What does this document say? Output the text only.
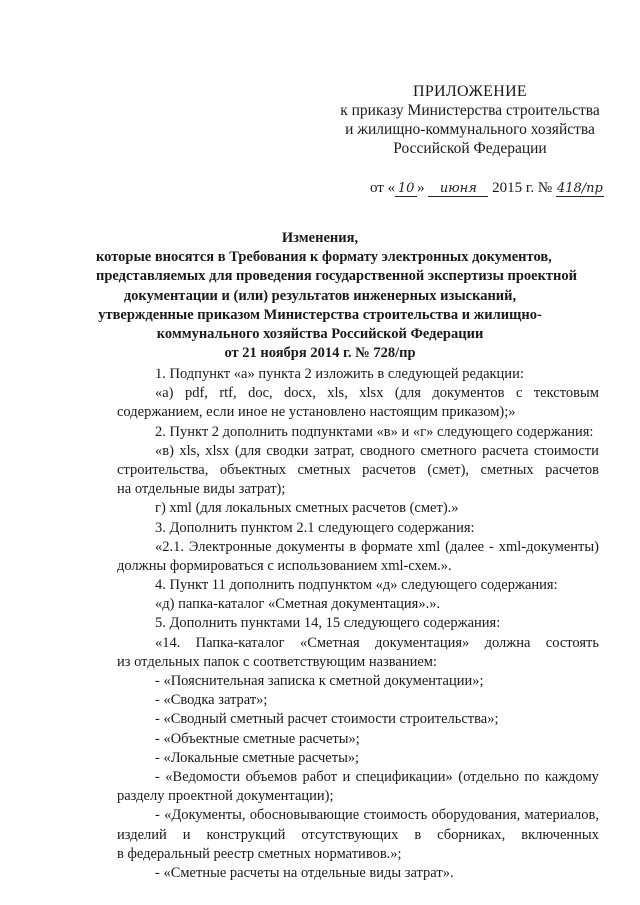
ПРИЛОЖЕНИЕ
к приказу Министерства строительства
и жилищно-коммунального хозяйства
Российской Федерации
от « 10 » июня 2015 г. № 418/пр
Изменения,
которые вносятся в Требования к формату электронных документов,
представляемых для проведения государственной экспертизы проектной
документации и (или) результатов инженерных изысканий,
утвержденные приказом Министерства строительства и жилищно-
коммунального хозяйства Российской Федерации
от 21 ноября 2014 г. № 728/пр
1. Подпункт «а» пункта 2 изложить в следующей редакции:
«а) pdf, rtf, doc, docx, xls, xlsx (для документов с текстовым
содержанием, если иное не установлено настоящим приказом);»
2. Пункт 2 дополнить подпунктами «в» и «г» следующего содержания:
«в) xls, xlsx (для сводки затрат, сводного сметного расчета стоимости
строительства, объектных сметных расчетов (смет), сметных расчетов
на отдельные виды затрат);
г) xml (для локальных сметных расчетов (смет).»
3. Дополнить пунктом 2.1 следующего содержания:
«2.1. Электронные документы в формате xml (далее - xml-документы)
должны формироваться с использованием xml-схем.».
4. Пункт 11 дополнить подпунктом «д» следующего содержания:
«д) папка-каталог «Сметная документация».».
5. Дополнить пунктами 14, 15 следующего содержания:
«14. Папка-каталог «Сметная документация» должна состоять
из отдельных папок с соответствующим названием:
- «Пояснительная записка к сметной документации»;
- «Сводка затрат»;
- «Сводный сметный расчет стоимости строительства»;
- «Объектные сметные расчеты»;
- «Локальные сметные расчеты»;
- «Ведомости объемов работ и спецификации» (отдельно по каждому
разделу проектной документации);
- «Документы, обосновывающие стоимость оборудования, материалов,
изделий и конструкций отсутствующих в сборниках, включенных
в федеральный реестр сметных нормативов.»;
- «Сметные расчеты на отдельные виды затрат».
